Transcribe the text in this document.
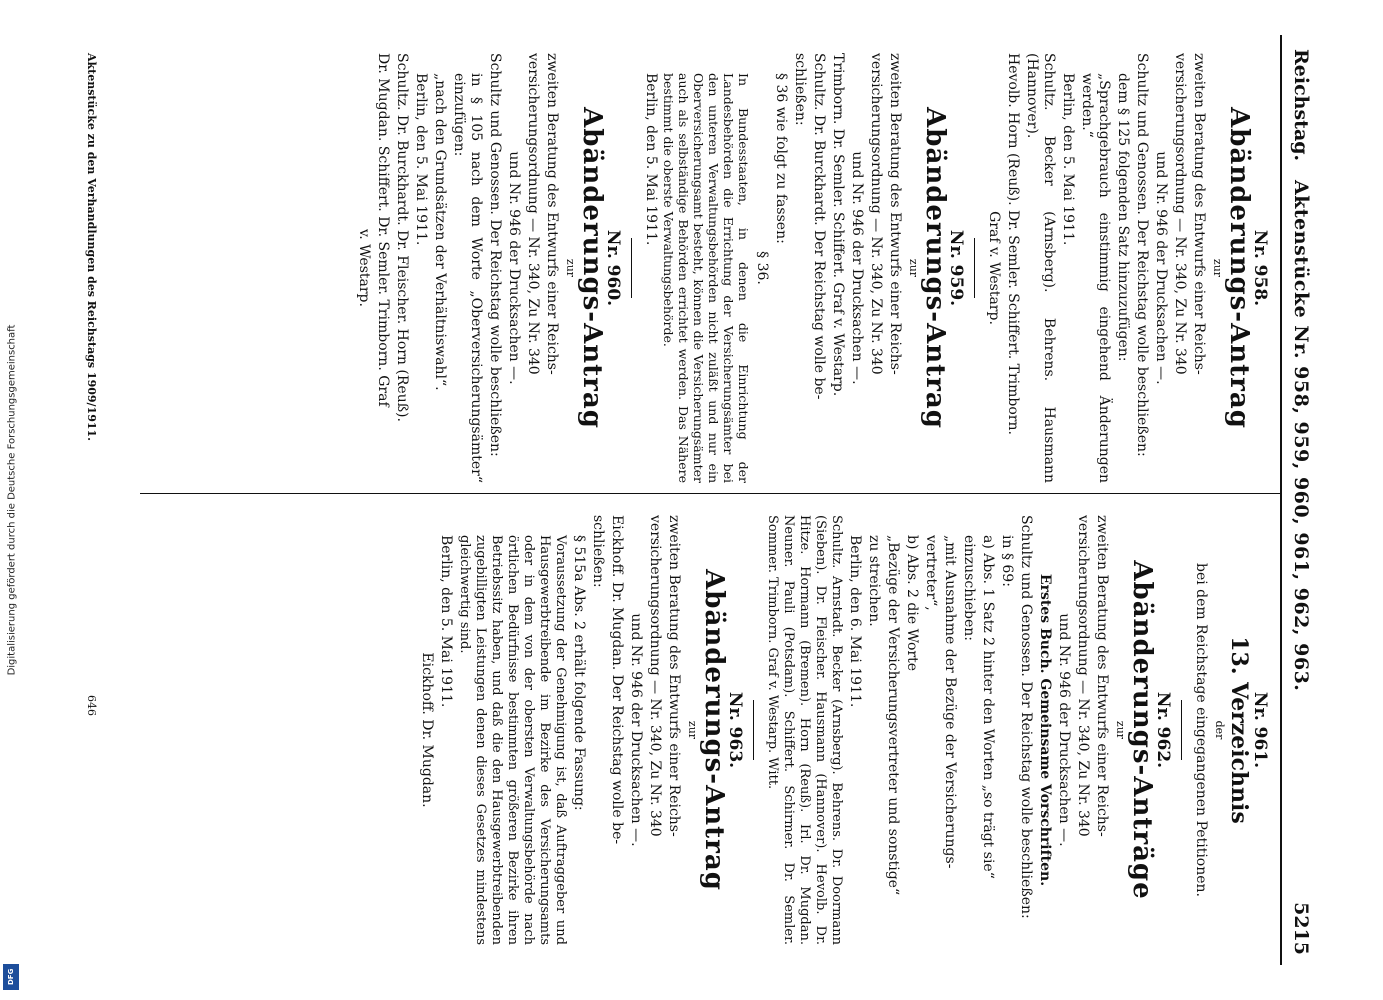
Digitalisierung gefördert durch die Deutsche Forschungsgemeinschaft
DFG
Reichstag.
Aktenstücke Nr. 958, 959, 960, 961, 962, 963.
5215
Nr. 958.
Abänderungs-Antrag
zur
zweiten Beratung des Entwurfs einer Reichs-
versicherungsordnung — Nr. 340, Zu Nr. 340
und Nr. 946 der Drucksachen —.
Schultz und Genossen. Der Reichstag wolle beschließen:
dem § 125 folgenden Satz hinzuzufügen:
„Sprachgebrauch einstimmig eingehend Änderungen werden.“
Berlin, den 5. Mai 1911.
Schultz. Becker (Arnsberg). Behrens. Hausmann (Hannover).
Hevolb. Horn (Reuß). Dr. Semler. Schiffert. Trimborn.
Graf v. Westarp.
Nr. 959.
Abänderungs-Antrag
zur
zweiten Beratung des Entwurfs einer Reichs-
versicherungsordnung — Nr. 340, Zu Nr. 340
und Nr. 946 der Drucksachen —.
Trimborn. Dr. Semler. Schiffert. Graf v. Westarp.
Schultz. Dr. Burckhardt. Der Reichstag wolle be-
schließen:
§ 36 wie folgt zu fassen:
§ 36.
In Bundesstaaten, in denen die Einrichtung der Landesbehörden die Errichtung der Versicherungsämter bei den unteren Verwaltungsbehörden nicht zuläßt und nur ein Oberversicherungsamt besteht, können die Versicherungsämter auch als selbständige Behörden errichtet werden. Das Nähere bestimmt die oberste Verwaltungsbehörde.
Berlin, den 5. Mai 1911.
Nr. 960.
Abänderungs-Antrag
zur
zweiten Beratung des Entwurfs einer Reichs-
versicherungsordnung — Nr. 340, Zu Nr. 340
und Nr. 946 der Drucksachen —.
Schultz und Genossen. Der Reichstag wolle beschließen:
in § 105 nach dem Worte „Oberversicherungsämter“ einzufügen:
„nach den Grundsätzen der Verhältniswahl“.
Berlin, den 5. Mai 1911.
Schultz. Dr. Burckhardt. Dr. Fleischer. Horn (Reuß).
Dr. Mugdan. Schiffert. Dr. Semler. Trimborn. Graf
v. Westarp.
Nr. 961.
13. Verzeichnis
der
bei dem Reichstage eingegangenen Petitionen.
Nr. 962.
Abänderungs-Anträge
zur
zweiten Beratung des Entwurfs einer Reichs-
versicherungsordnung — Nr. 340, Zu Nr. 340
und Nr. 946 der Drucksachen —.
Erstes Buch. Gemeinsame Vorschriften.
Schultz und Genossen. Der Reichstag wolle beschließen:
in § 69:
a) Abs. 1 Satz 2 hinter den Worten „so trägt sie“
einzuschieben:
„mit Ausnahme der Bezüge der Versicherungs-
vertreter“,
b) Abs. 2 die Worte
„Bezüge der Versicherungsvertreter und sonstige“
zu streichen.
Berlin, den 6. Mai 1911.
Schultz. Arnstadt. Becker (Arnsberg). Behrens. Dr. Doormann (Sieben). Dr. Fleischer. Hausmann (Hannover). Hevolb. Dr. Hitze. Hormann (Bremen). Horn (Reuß). Irl. Dr. Mugdan. Neuner. Pauli (Potsdam). Schiffert. Schirmer. Dr. Semler. Sommer. Trimborn. Graf v. Westarp. Witt.
Nr. 963.
Abänderungs-Antrag
zur
zweiten Beratung des Entwurfs einer Reichs-
versicherungsordnung — Nr. 340, Zu Nr. 340
und Nr. 946 der Drucksachen —.
Eickhoff. Dr. Mugdan. Der Reichstag wolle be-
schließen:
§ 515a Abs. 2 erhält folgende Fassung:
Voraussetzung der Genehmigung ist, daß Auftraggeber und Hausgewerbtreibende im Bezirke des Versicherungsamts oder in dem von der obersten Verwaltungsbehörde nach örtlichen Bedürfnisse bestimmten größeren Bezirke ihren Betriebssitz haben, und daß die den Hausgewerbtreibenden zugebilligten Leistungen denen dieses Gesetzes mindestens gleichwertig sind.
Berlin, den 5. Mai 1911.
Eickhoff. Dr. Mugdan.
Aktenstücke zu den Verhandlungen des Reichstags 1909/1911.
646
